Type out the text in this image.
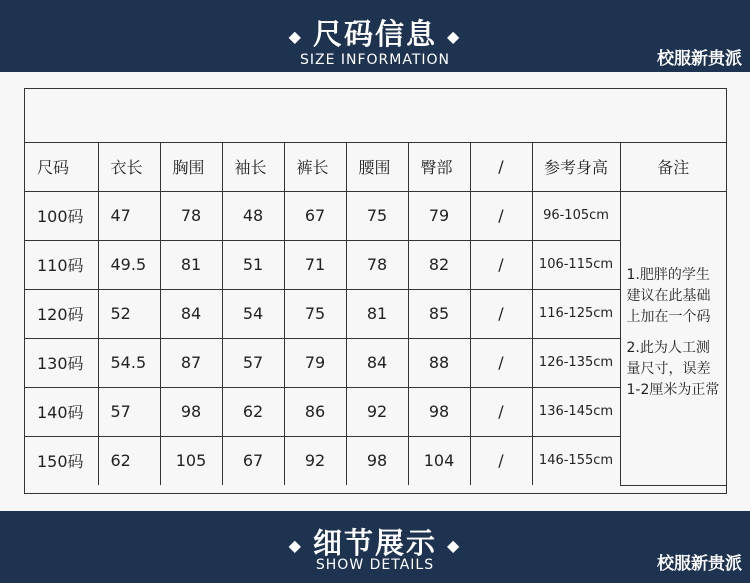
◆ 尺码信息 ◆
SIZE INFORMATION	校服新贵派
尺码	衣长	胸围	袖长	裤长	腰围	臀部	/	参考身高	备注
100码	47	78	48	67	75	79	/	96-105cm	1.肥胖的学生建议在此基础上加在一个码

2.此为人工测量尺寸，误差1-2厘米为正常

110码	49.5	81	51	71	78	82	/	106-115cm	
120码	52	84	54	75	81	85	/	116-125cm	
130码	54.5	87	57	79	84	88	/	126-135cm	
140码	57	98	62	86	92	98	/	136-145cm	
150码	62	105	67	92	98	104	/	146-155cm	
◆ 细节展示 ◆
SHOW DETAILS	校服新贵派
